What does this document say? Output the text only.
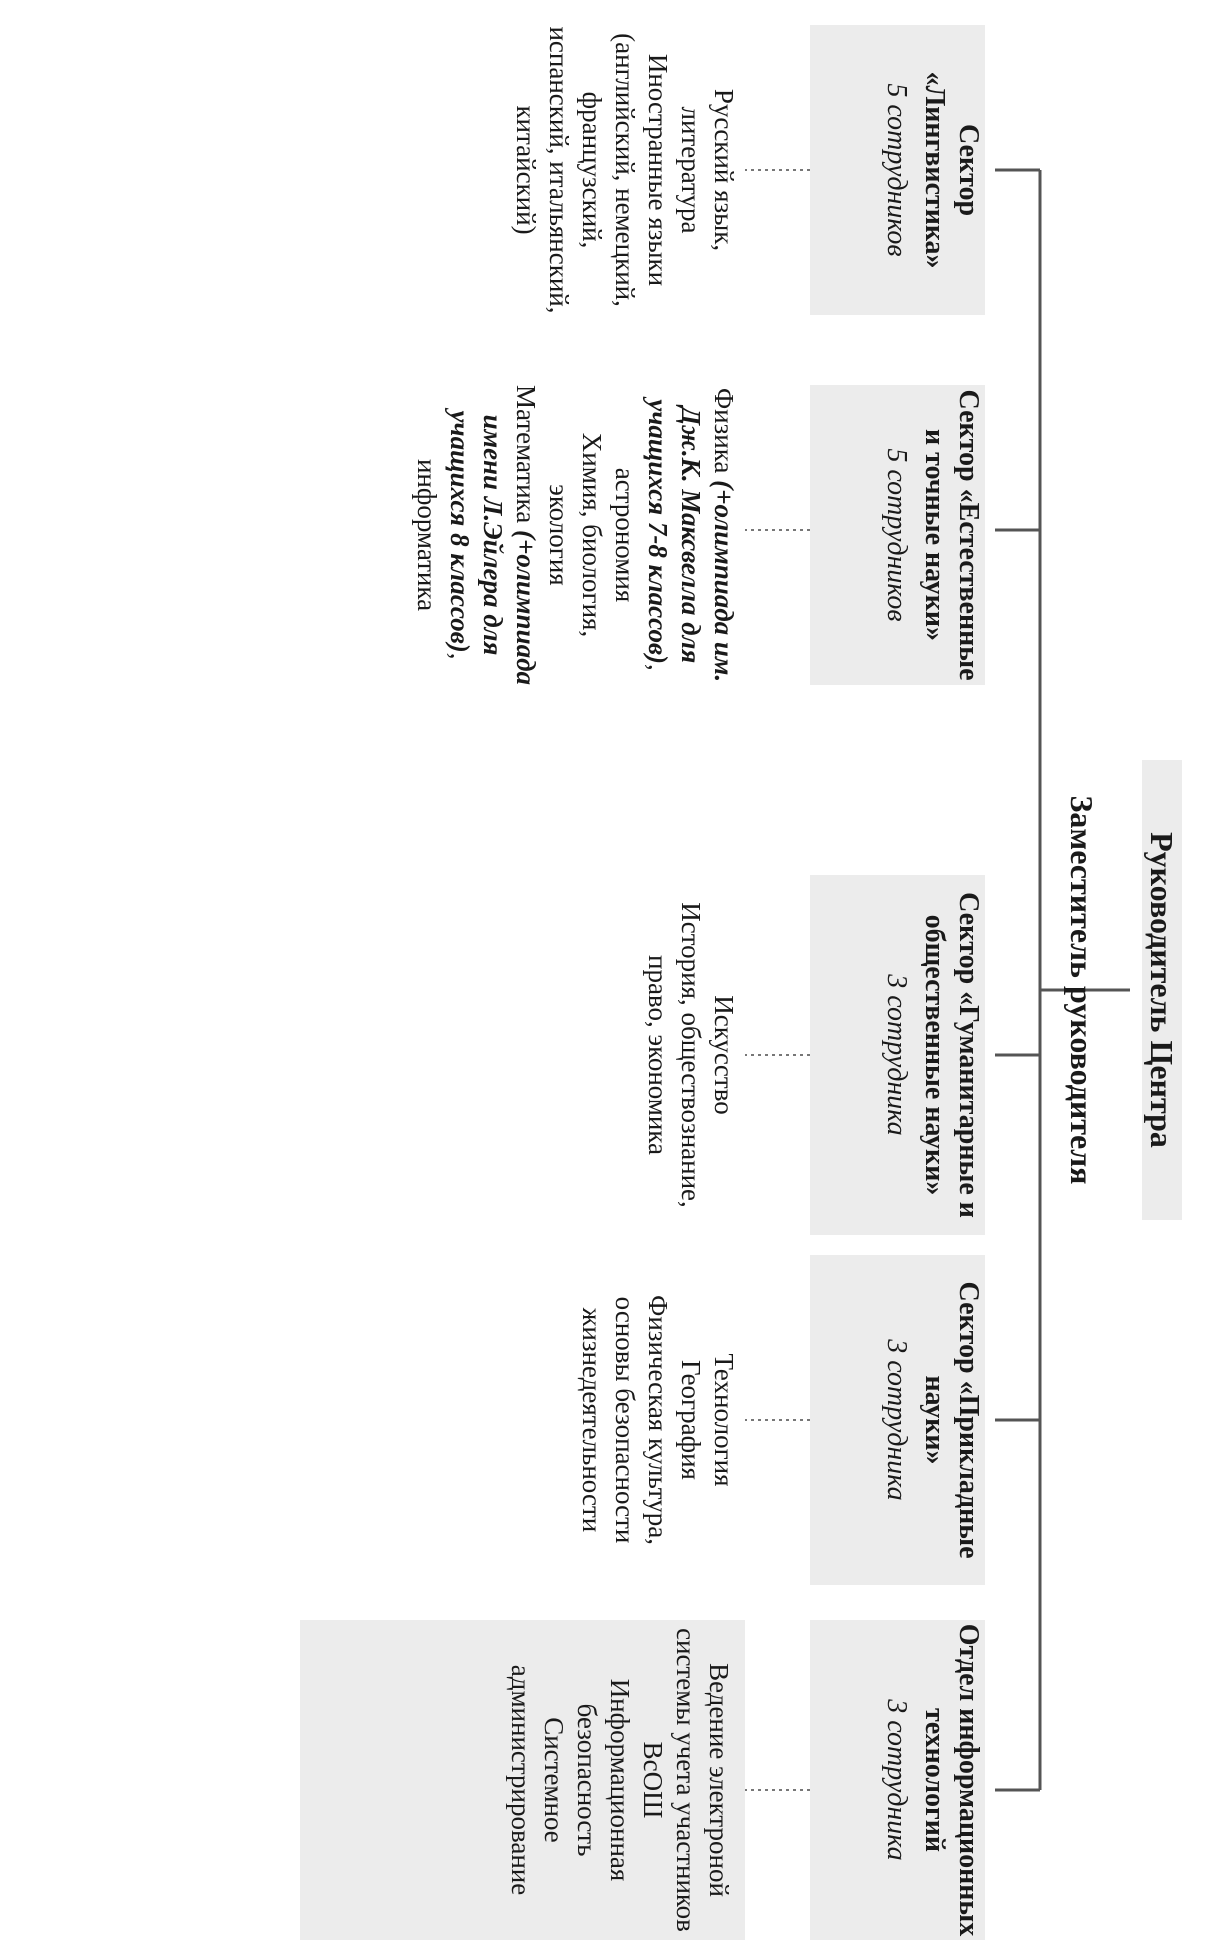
Руководитель Центра
Заместитель руководителя
Сектор «Лингвистика»
5 сотрудников
Русский язык, литература
Иностранные языки (английский, немецкий, французский, испанский, итальянский, китайский)
Сектор «Естественные и точные науки»
5 сотрудников
Физика (+олимпиада им. Дж.К. Максвелла для учащихся 7-8 классов),
астрономия
Химия, биология, экология
Математика (+олимпиада имени Л.Эйлера для учащихся 8 классов),
информатика
Сектор «Гуманитарные и общественные науки»
3 сотрудника
Искусство
История, обществознание, право, экономика
Сектор «Прикладные науки»
3 сотрудника
Технология
География
Физическая культура, основы безопасности жизнедеятельности
Отдел информационных технологий
3 сотрудника
Ведение электроной системы учета участников ВсОШ
Информационная безопасность
Системное администрирование
